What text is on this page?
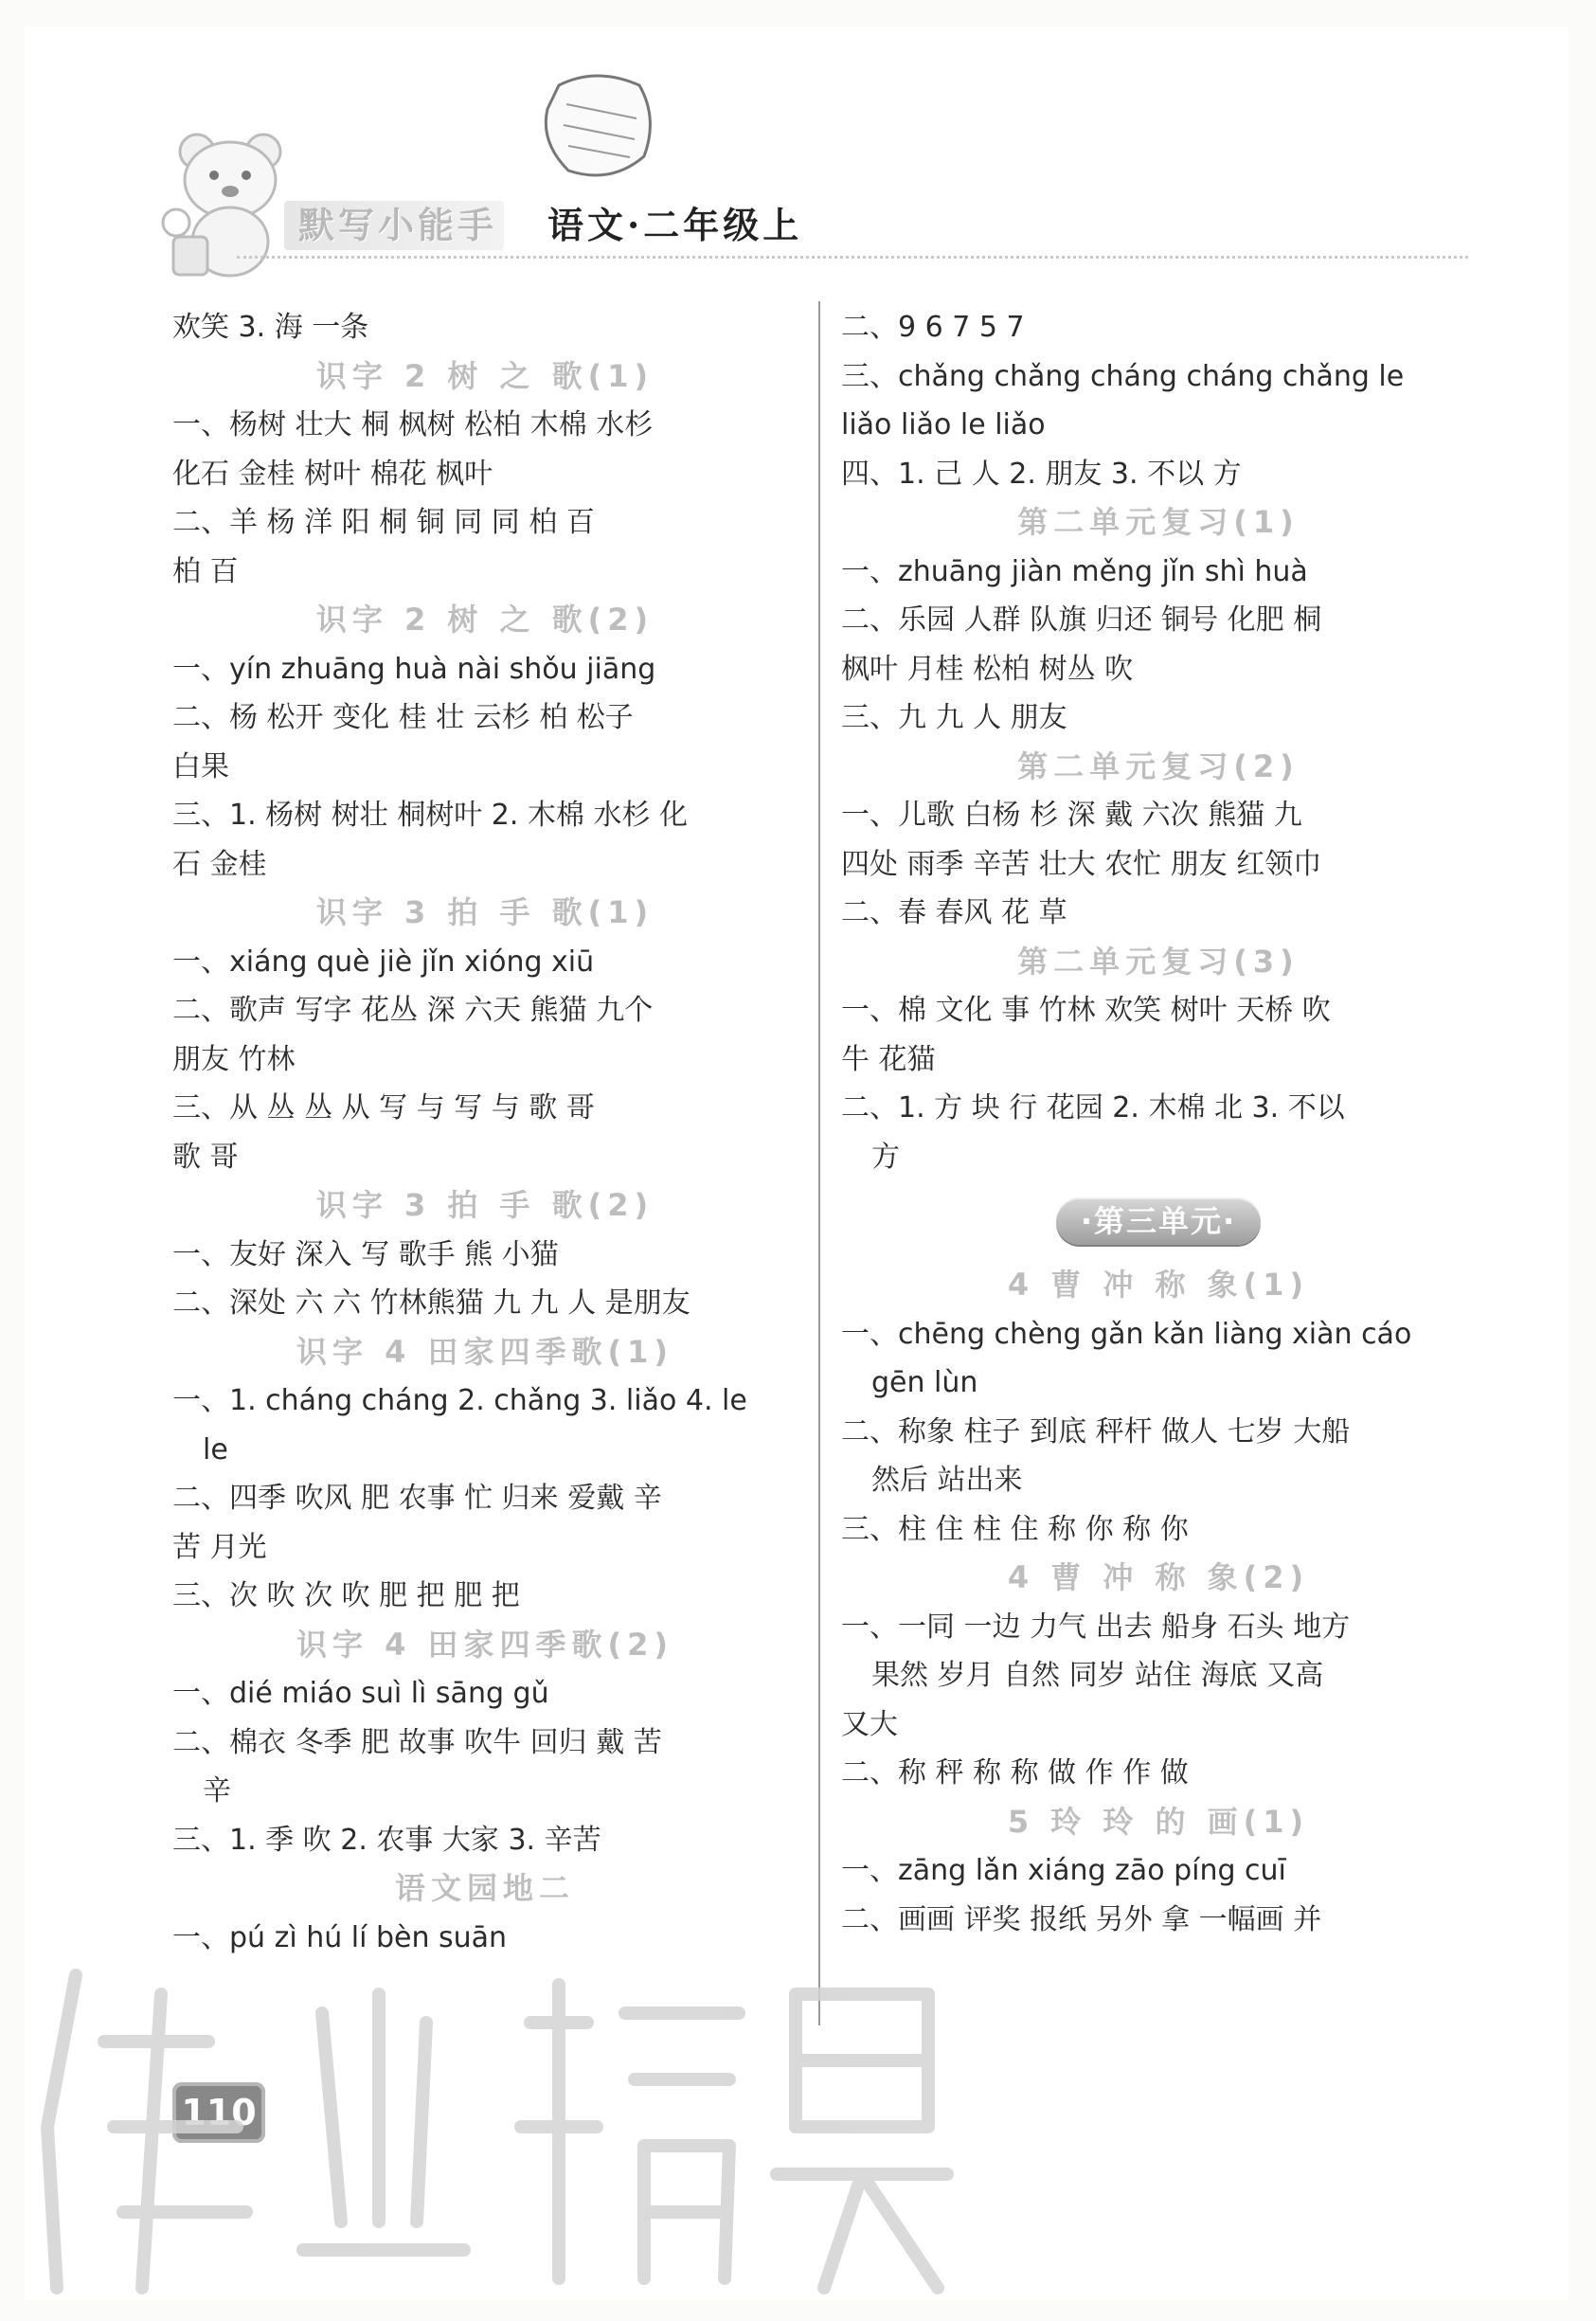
默写小能手 语文·二年级上
欢笑 3. 海 一条
识字 2 树 之 歌(1)
一、杨树 壮大 桐 枫树 松柏 木棉 水杉
化石 金桂 树叶 棉花 枫叶
二、羊 杨 洋 阳 桐 铜 同 同 柏 百
柏 百
识字 2 树 之 歌(2)
一、yín zhuāng huà nài shǒu jiāng
二、杨 松开 变化 桂 壮 云杉 柏 松子
白果
三、1. 杨树 树壮 桐树叶 2. 木棉 水杉 化
石 金桂
识字 3 拍 手 歌(1)
一、xiáng què jiè jǐn xióng xiū
二、歌声 写字 花丛 深 六天 熊猫 九个
朋友 竹林
三、从 丛 丛 从 写 与 写 与 歌 哥
歌 哥
识字 3 拍 手 歌(2)
一、友好 深入 写 歌手 熊 小猫
二、深处 六 六 竹林熊猫 九 九 人 是朋友
识字 4 田家四季歌(1)
一、1. cháng cháng 2. chǎng 3. liǎo 4. le
le
二、四季 吹风 肥 农事 忙 归来 爱戴 辛
苦 月光
三、次 吹 次 吹 肥 把 肥 把
识字 4 田家四季歌(2)
一、dié miáo suì lì sāng gǔ
二、棉衣 冬季 肥 故事 吹牛 回归 戴 苦
辛
三、1. 季 吹 2. 农事 大家 3. 辛苦
语文园地二
一、pú zì hú lí bèn suān
二、9 6 7 5 7
三、chǎng chǎng cháng cháng chǎng le
liǎo liǎo le liǎo
四、1. 己 人 2. 朋友 3. 不以 方
第二单元复习(1)
一、zhuāng jiàn měng jǐn shì huà
二、乐园 人群 队旗 归还 铜号 化肥 桐
枫叶 月桂 松柏 树丛 吹
三、九 九 人 朋友
第二单元复习(2)
一、儿歌 白杨 杉 深 戴 六次 熊猫 九
四处 雨季 辛苦 壮大 农忙 朋友 红领巾
二、春 春风 花 草
第二单元复习(3)
一、棉 文化 事 竹林 欢笑 树叶 天桥 吹
牛 花猫
二、1. 方 块 行 花园 2. 木棉 北 3. 不以
方
·第三单元·
4 曹 冲 称 象(1)
一、chēng chèng gǎn kǎn liàng xiàn cáo
gēn lùn
二、称象 柱子 到底 秤杆 做人 七岁 大船
然后 站出来
三、柱 住 柱 住 称 你 称 你
4 曹 冲 称 象(2)
一、一同 一边 力气 出去 船身 石头 地方
果然 岁月 自然 同岁 站住 海底 又高
又大
二、称 秤 称 称 做 作 作 做
5 玲 玲 的 画(1)
一、zāng lǎn xiáng zāo píng cuī
二、画画 评奖 报纸 另外 拿 一幅画 并
110
